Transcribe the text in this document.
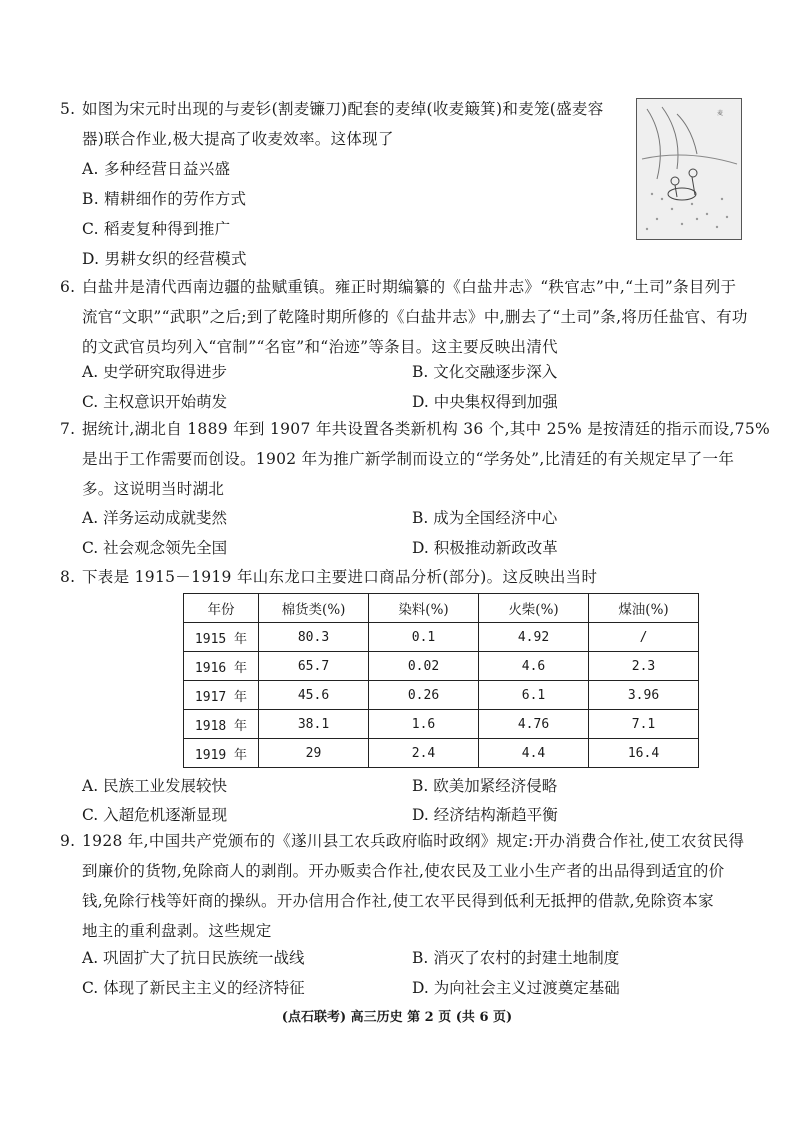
5. 如图为宋元时出现的与麦钐(割麦镰刀)配套的麦绰(收麦簸箕)和麦笼(盛麦容
器)联合作业,极大提高了收麦效率。这体现了
A. 多种经营日益兴盛
B. 精耕细作的劳作方式
C. 稻麦复种得到推广
D. 男耕女织的经营模式
麦
6. 白盐井是清代西南边疆的盐赋重镇。雍正时期编纂的《白盐井志》“秩官志”中,“土司”条目列于
流官“文职”“武职”之后;到了乾隆时期所修的《白盐井志》中,删去了“土司”条,将历任盐官、有功
的文武官员均列入“官制”“名宦”和“治迹”等条目。这主要反映出清代
A. 史学研究取得进步	B. 文化交融逐步深入
C. 主权意识开始萌发	D. 中央集权得到加强
7. 据统计,湖北自 1889 年到 1907 年共设置各类新机构 36 个,其中 25% 是按清廷的指示而设,75%
是出于工作需要而创设。1902 年为推广新学制而设立的“学务处”,比清廷的有关规定早了一年
多。这说明当时湖北
A. 洋务运动成就斐然	B. 成为全国经济中心
C. 社会观念领先全国	D. 积极推动新政改革
8. 下表是 1915－1919 年山东龙口主要进口商品分析(部分)。这反映出当时
年份	棉货类(%)	染料(%)	火柴(%)	煤油(%)
1915 年	80.3	0.1	4.92	/
1916 年	65.7	0.02	4.6	2.3
1917 年	45.6	0.26	6.1	3.96
1918 年	38.1	1.6	4.76	7.1
1919 年	29	2.4	4.4	16.4
A. 民族工业发展较快	B. 欧美加紧经济侵略
C. 入超危机逐渐显现	D. 经济结构渐趋平衡
9. 1928 年,中国共产党颁布的《遂川县工农兵政府临时政纲》规定:开办消费合作社,使工农贫民得
到廉价的货物,免除商人的剥削。开办贩卖合作社,使农民及工业小生产者的出品得到适宜的价
钱,免除行栈等奸商的操纵。开办信用合作社,使工农平民得到低利无抵押的借款,免除资本家
地主的重利盘剥。这些规定
A. 巩固扩大了抗日民族统一战线	B. 消灭了农村的封建土地制度
C. 体现了新民主主义的经济特征	D. 为向社会主义过渡奠定基础
(点石联考) 高三历史 第 2 页 (共 6 页)
